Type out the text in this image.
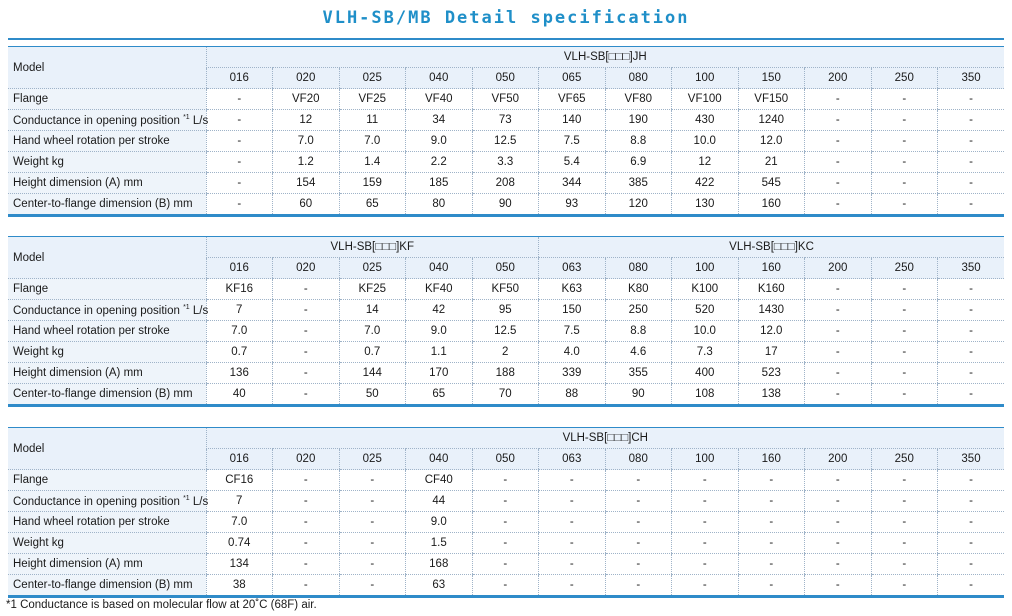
VLH-SB/MB Detail specification
Model	VLH-SB[□□□]JH											
	016	020	025	040	050	065	080	100	150	200	250	350
Flange	-	VF20	VF25	VF40	VF50	VF65	VF80	VF100	VF150	-	-	-
Conductance in opening position $^{*1}$ L/s	-	12	11	34	73	140	190	430	1240	-	-	-
Hand wheel rotation per stroke	-	7.0	7.0	9.0	12.5	7.5	8.8	10.0	12.0	-	-	-
Weight kg	-	1.2	1.4	2.2	3.3	5.4	6.9	12	21	-	-	-
Height dimension (A) mm	-	154	159	185	208	344	385	422	545	-	-	-
Center-to-flange dimension (B) mm	-	60	65	80	90	93	120	130	160	-	-	-
Model	VLH-SB[□□□]KF					VLH-SB[□□□]KC						
	016	020	025	040	050	063	080	100	160	200	250	350
Flange	KF16	-	KF25	KF40	KF50	K63	K80	K100	K160	-	-	-
Conductance in opening position $^{*1}$ L/s	7	-	14	42	95	150	250	520	1430	-	-	-
Hand wheel rotation per stroke	7.0	-	7.0	9.0	12.5	7.5	8.8	10.0	12.0	-	-	-
Weight kg	0.7	-	0.7	1.1	2	4.0	4.6	7.3	17	-	-	-
Height dimension (A) mm	136	-	144	170	188	339	355	400	523	-	-	-
Center-to-flange dimension (B) mm	40	-	50	65	70	88	90	108	138	-	-	-
Model	VLH-SB[□□□]CH											
	016	020	025	040	050	063	080	100	160	200	250	350
Flange	CF16	-	-	CF40	-	-	-	-	-	-	-	-
Conductance in opening position $^{*1}$ L/s	7	-	-	44	-	-	-	-	-	-	-	-
Hand wheel rotation per stroke	7.0	-	-	9.0	-	-	-	-	-	-	-	-
Weight kg	0.74	-	-	1.5	-	-	-	-	-	-	-	-
Height dimension (A) mm	134	-	-	168	-	-	-	-	-	-	-	-
Center-to-flange dimension (B) mm	38	-	-	63	-	-	-	-	-	-	-	-
*1 Conductance is based on molecular flow at 20˚C (68F) air.
